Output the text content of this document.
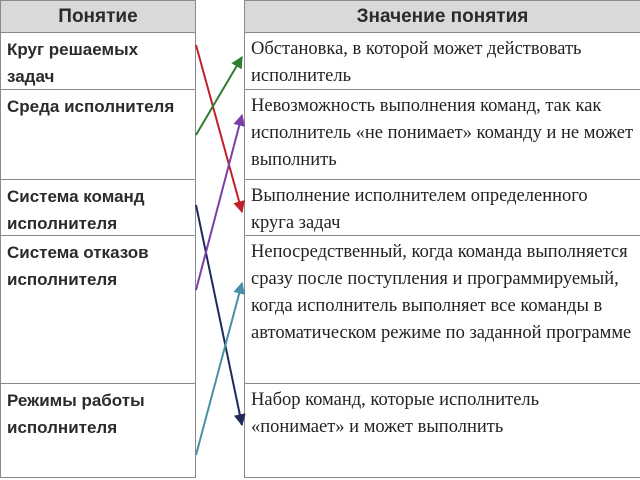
Понятие
Круг решаемых задач
Среда исполнителя
Система команд исполнителя
Система отказов исполнителя
Режимы работы исполнителя
Значение понятия
Обстановка, в которой может действовать исполнитель
Невозможность выполнения команд, так как исполнитель «не понимает» команду и не может выполнить
Выполнение исполнителем определенного круга задач
Непосредственный, когда команда выполняется сразу после поступления и программируемый, когда исполнитель выполняет все команды в автоматическом режиме по заданной программе
Набор команд, которые исполнитель «понимает» и может выполнить
